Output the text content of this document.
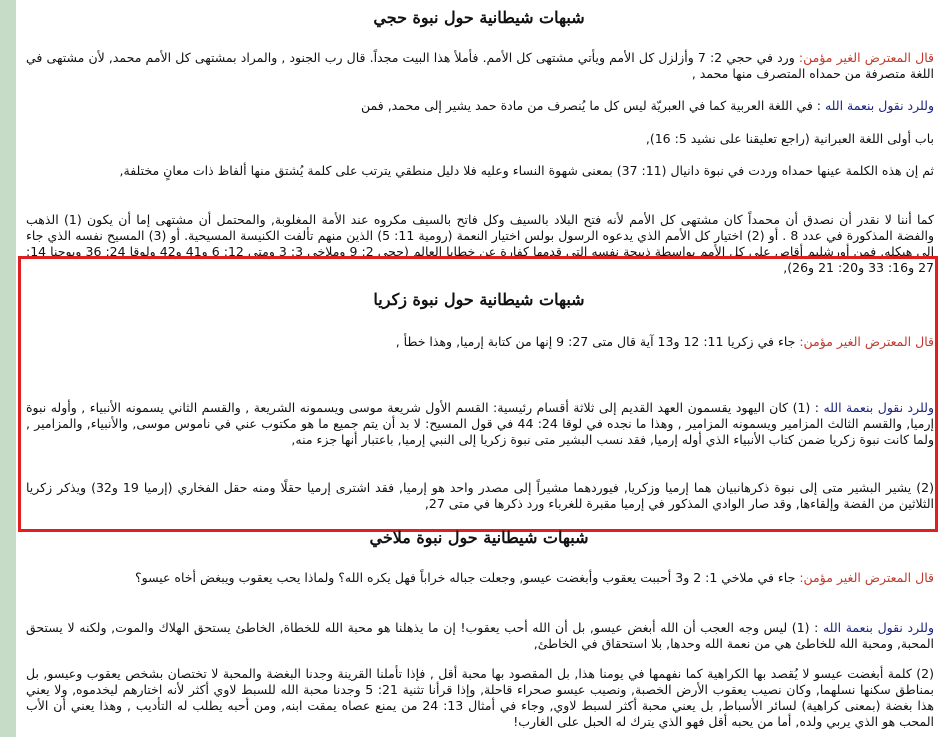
شبهات شيطانية حول نبوة حجي

قال المعترض الغير مؤمن: ورد في حجي 2: 7 وأزلزل كل الأمم ويأتي مشتهى كل الأمم. فأملأ هذا البيت مجداً. قال رب الجنود , والمراد بمشتهى كل الأمم محمد, لأن مشتهى في اللغة متصرفة من حمداه المتصرف منها محمد ,

وللرد نقول بنعمة الله : في اللغة العربية كما في العبريّة ليس كل ما يُنصرف من مادة حمد يشير إلى محمد, فمن

باب أولى اللغة العبرانية (راجع تعليقنا على نشيد 5: 16),

ثم إن هذه الكلمة عينها حمداه وردت في نبوة دانيال (11: 37) بمعنى شهوة النساء وعليه فلا دليل منطقي يترتب على كلمة يُشتق منها ألفاظ ذات معانٍ مختلفة,

كما أننا لا نقدر أن نصدق أن محمداً كان مشتهى كل الأمم لأنه فتح البلاد بالسيف وكل فاتح بالسيف مكروه عند الأمة المغلوبة, والمحتمل أن مشتهى إما أن يكون (1) الذهب والفضة المذكورة في عدد 8 . أو (2) اختيار كل الأمم الذي يدعوه الرسول بولس اختيار النعمة (رومية 11: 5) الذين منهم تألفت الكنيسة المسيحية. أو (3) المسيح نفسه الذي جاء إلى هيكله. فمن أورشليم أقاص على كل الأمم بواسطة ذبيحة نفسه التي قدمها كفارة عن خطايا العالم (حجي 2: 9 وملاخي 3: 3 ومتى 12: 6 و41 و42 ولوقا 24: 36 ويوحنا 14: 27 و16: 33 و20: 21 و26),

شبهات شيطانية حول نبوة زكريا

قال المعترض الغير مؤمن: جاء في زكريا 11: 12 و13 آية قال متى 27: 9 إنها من كتابة إرميا, وهذا خطأ ,

وللرد نقول بنعمة الله : (1) كان اليهود يقسمون العهد القديم إلى ثلاثة أقسام رئيسية: القسم الأول شريعة موسى ويسمونه الشريعة , والقسم الثاني يسمونه الأنبياء , وأوله نبوة إرميا, والقسم الثالث المزامير ويسمونه المزامير , وهذا ما نجده في لوقا 24: 44 في قول المسيح: لا بد أن يتم جميع ما هو مكتوب عني في ناموس موسى, والأنبياء, والمزامير , ولما كانت نبوة زكريا ضمن كتاب الأنبياء الذي أوله إرميا, فقد نسب البشير متى نبوة زكريا إلى النبي إرميا, باعتبار أنها جزء منه,

(2) يشير البشير متى إلى نبوة ذكرهانبيان هما إرميا وزكريا, فيوردهما مشيراً إلى مصدر واحد هو إرميا, فقد اشترى إرميا حقلًا ومنه حقل الفخاري (إرميا 19 و32) ويذكر زكريا الثلاثين من الفضة وإلقاءها, وقد صار الوادي المذكور في إرميا مقبرة للغرباء ورد ذكرها في متى 27,

شبهات شيطانية حول نبوة ملاخي

قال المعترض الغير مؤمن: جاء في ملاخي 1: 2 و3 أحببت يعقوب وأبغضت عيسو, وجعلت جباله خراباً فهل يكره الله؟ ولماذا يحب يعقوب ويبغض أخاه عيسو؟

وللرد نقول بنعمة الله : (1) ليس وجه العجب أن الله أبغض عيسو, بل أن الله أحب يعقوب! إن ما يذهلنا هو محبة الله للخطاة, الخاطئ يستحق الهلاك والموت, ولكنه لا يستحق المحبة, ومحبة الله للخاطئ هي من نعمة الله وحدها, بلا استحقاق في الخاطئ,

(2) كلمة أبغضت عيسو لا يُقصد بها الكراهية كما نفهمها في يومنا هذا, بل المقصود بها محبة أقل , فإذا تأملنا القرينة وجدنا البغضة والمحبة لا تختصان بشخص يعقوب وعيسو, بل بمناطق سكنها نسلهما, وكان نصيب يعقوب الأرض الخصبة, ونصيب عيسو صحراء قاحلة, وإذا قرأنا تثنية 21: 5 وجدنا محبة الله للسبط لاوي أكثر لأنه اختارهم ليخدموه, ولا يعني هذا بغضة (بمعنى كراهية) لسائر الأسباط, بل يعني محبة أكثر لسبط لاوي, وجاء في أمثال 13: 24 من يمنع عصاه يمقت ابنه, ومن أحبه يطلب له التأديب , وهذا يعني أن الأب المحب هو الذي يربي ولده, أما من يحبه أقل فهو الذي يترك له الحبل على الغارب!
